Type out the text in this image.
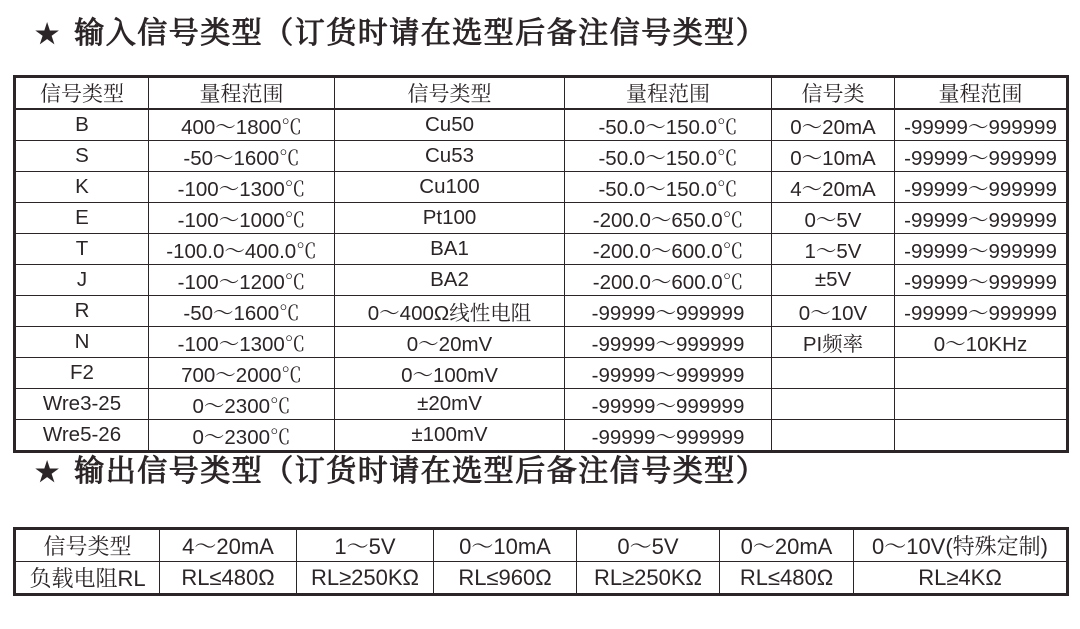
★ 输入信号类型（订货时请在选型后备注信号类型）
信号类型	量程范围	信号类型	量程范围	信号类	量程范围
B	400～1800℃	Cu50	-50.0～150.0℃	0～20mA	-99999～999999
S	-50～1600℃	Cu53	-50.0～150.0℃	0～10mA	-99999～999999
K	-100～1300℃	Cu100	-50.0～150.0℃	4～20mA	-99999～999999
E	-100～1000℃	Pt100	-200.0～650.0℃	0～5V	-99999～999999
T	-100.0～400.0℃	BA1	-200.0～600.0℃	1～5V	-99999～999999
J	-100～1200℃	BA2	-200.0～600.0℃	±5V	-99999～999999
R	-50～1600℃	0～400Ω线性电阻	-99999～999999	0～10V	-99999～999999
N	-100～1300℃	0～20mV	-99999～999999	PI频率	0～10KHz
F2	700～2000℃	0～100mV	-99999～999999		
Wre3-25	0～2300℃	±20mV	-99999～999999		
Wre5-26	0～2300℃	±100mV	-99999～999999		
★ 输出信号类型（订货时请在选型后备注信号类型）
信号类型	4～20mA	1～5V	0～10mA	0～5V	0～20mA	0～10V(特殊定制)
负载电阻RL	RL≤480Ω	RL≥250KΩ	RL≤960Ω	RL≥250KΩ	RL≤480Ω	RL≥4KΩ
